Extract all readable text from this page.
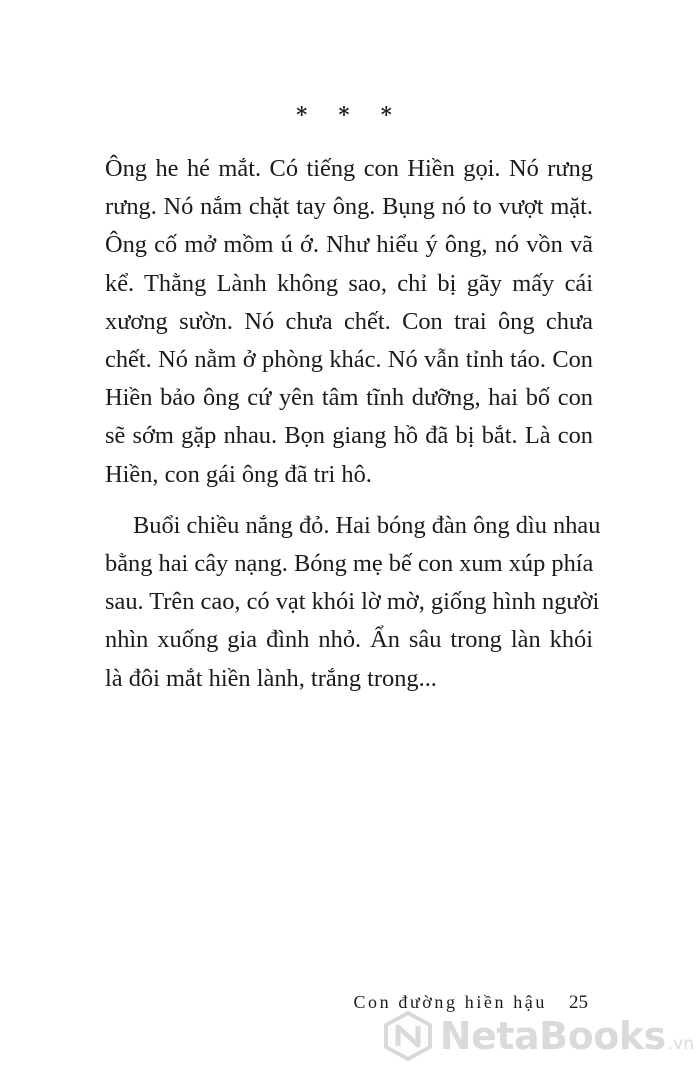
* * *
Ông he hé mắt. Có tiếng con Hiền gọi. Nó rưng
rưng. Nó nắm chặt tay ông. Bụng nó to vượt mặt.
Ông cố mở mồm ú ớ. Như hiểu ý ông, nó vồn vã
kể. Thằng Lành không sao, chỉ bị gãy mấy cái
xương sườn. Nó chưa chết. Con trai ông chưa
chết. Nó nằm ở phòng khác. Nó vẫn tỉnh táo. Con
Hiền bảo ông cứ yên tâm tĩnh dưỡng, hai bố con
sẽ sớm gặp nhau. Bọn giang hồ đã bị bắt. Là con
Hiền, con gái ông đã tri hô.
Buổi chiều nắng đỏ. Hai bóng đàn ông dìu nhau
bằng hai cây nạng. Bóng mẹ bế con xum xúp phía
sau. Trên cao, có vạt khói lờ mờ, giống hình người
nhìn xuống gia đình nhỏ. Ẩn sâu trong làn khói
là đôi mắt hiền lành, trắng trong...
Con đường hiền hậu 25
NetaBooks .vn
